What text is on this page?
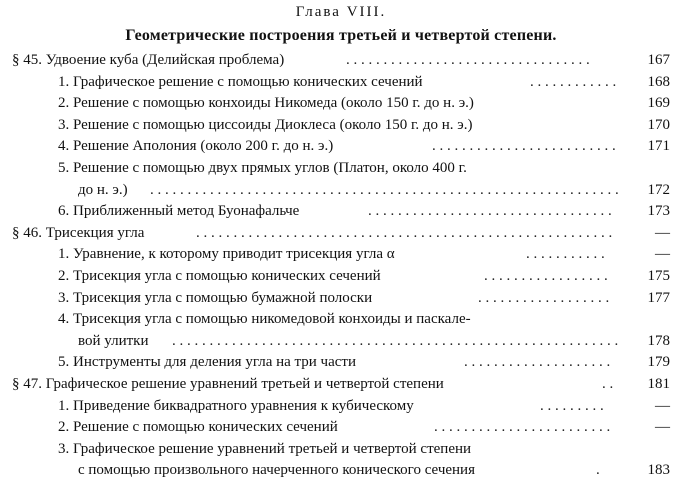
Глава VIII.
Геометрические построения третьей и четвертой степени.
§ 45. Удвоение куба (Делийская проблема)	. . . . . . . . . . . . . . . . . . . . . . . . . . . . . . . . .	167
1. Графическое решение с помощью конических сечений	. . . . . . . . . . . .	168
2. Решение с помощью конхоиды Никомеда (около 150 г. до н. э.)	169
3. Решение с помощью циссоиды Диоклеса (около 150 г. до н. э.)	170
4. Решение Аполония (около 200 г. до н. э.)	. . . . . . . . . . . . . . . . . . . . . . . . .	171
5. Решение с помощью двух прямых углов (Платон, около 400 г.
до н. э.) . . . . . . . . . . . . . . . . . . . . . . . . . . . . . . . . . . . . . . . . . . . . . . . . . . . . . . . . . . . . . . .	172
6. Приближенный метод Буонафальче	. . . . . . . . . . . . . . . . . . . . . . . . . . . . . . . . .	173
§ 46. Трисекция угла	. . . . . . . . . . . . . . . . . . . . . . . . . . . . . . . . . . . . . . . . . . . . . . . . . . . . . . . .	—
1. Уравнение, к которому приводит трисекция угла α	. . . . . . . . . . .	—
2. Трисекция угла с помощью конических сечений	. . . . . . . . . . . . . . . . .	175
3. Трисекция угла с помощью бумажной полоски	. . . . . . . . . . . . . . . . . .	177
4. Трисекция угла с помощью никомедовой конхоиды и паскале-
вой улитки . . . . . . . . . . . . . . . . . . . . . . . . . . . . . . . . . . . . . . . . . . . . . . . . . . . . . . . . . . . .	178
5. Инструменты для деления угла на три части	. . . . . . . . . . . . . . . . . . . .	179
§ 47. Графическое решение уравнений третьей и четвертой степени	. .	181
1. Приведение биквадратного уравнения к кубическому	. . . . . . . . .	—
2. Решение с помощью конических сечений	. . . . . . . . . . . . . . . . . . . . . . . .	—
3. Графическое решение уравнений третьей и четвертой степени
с помощью произвольного начерченного конического сечения	.	183
